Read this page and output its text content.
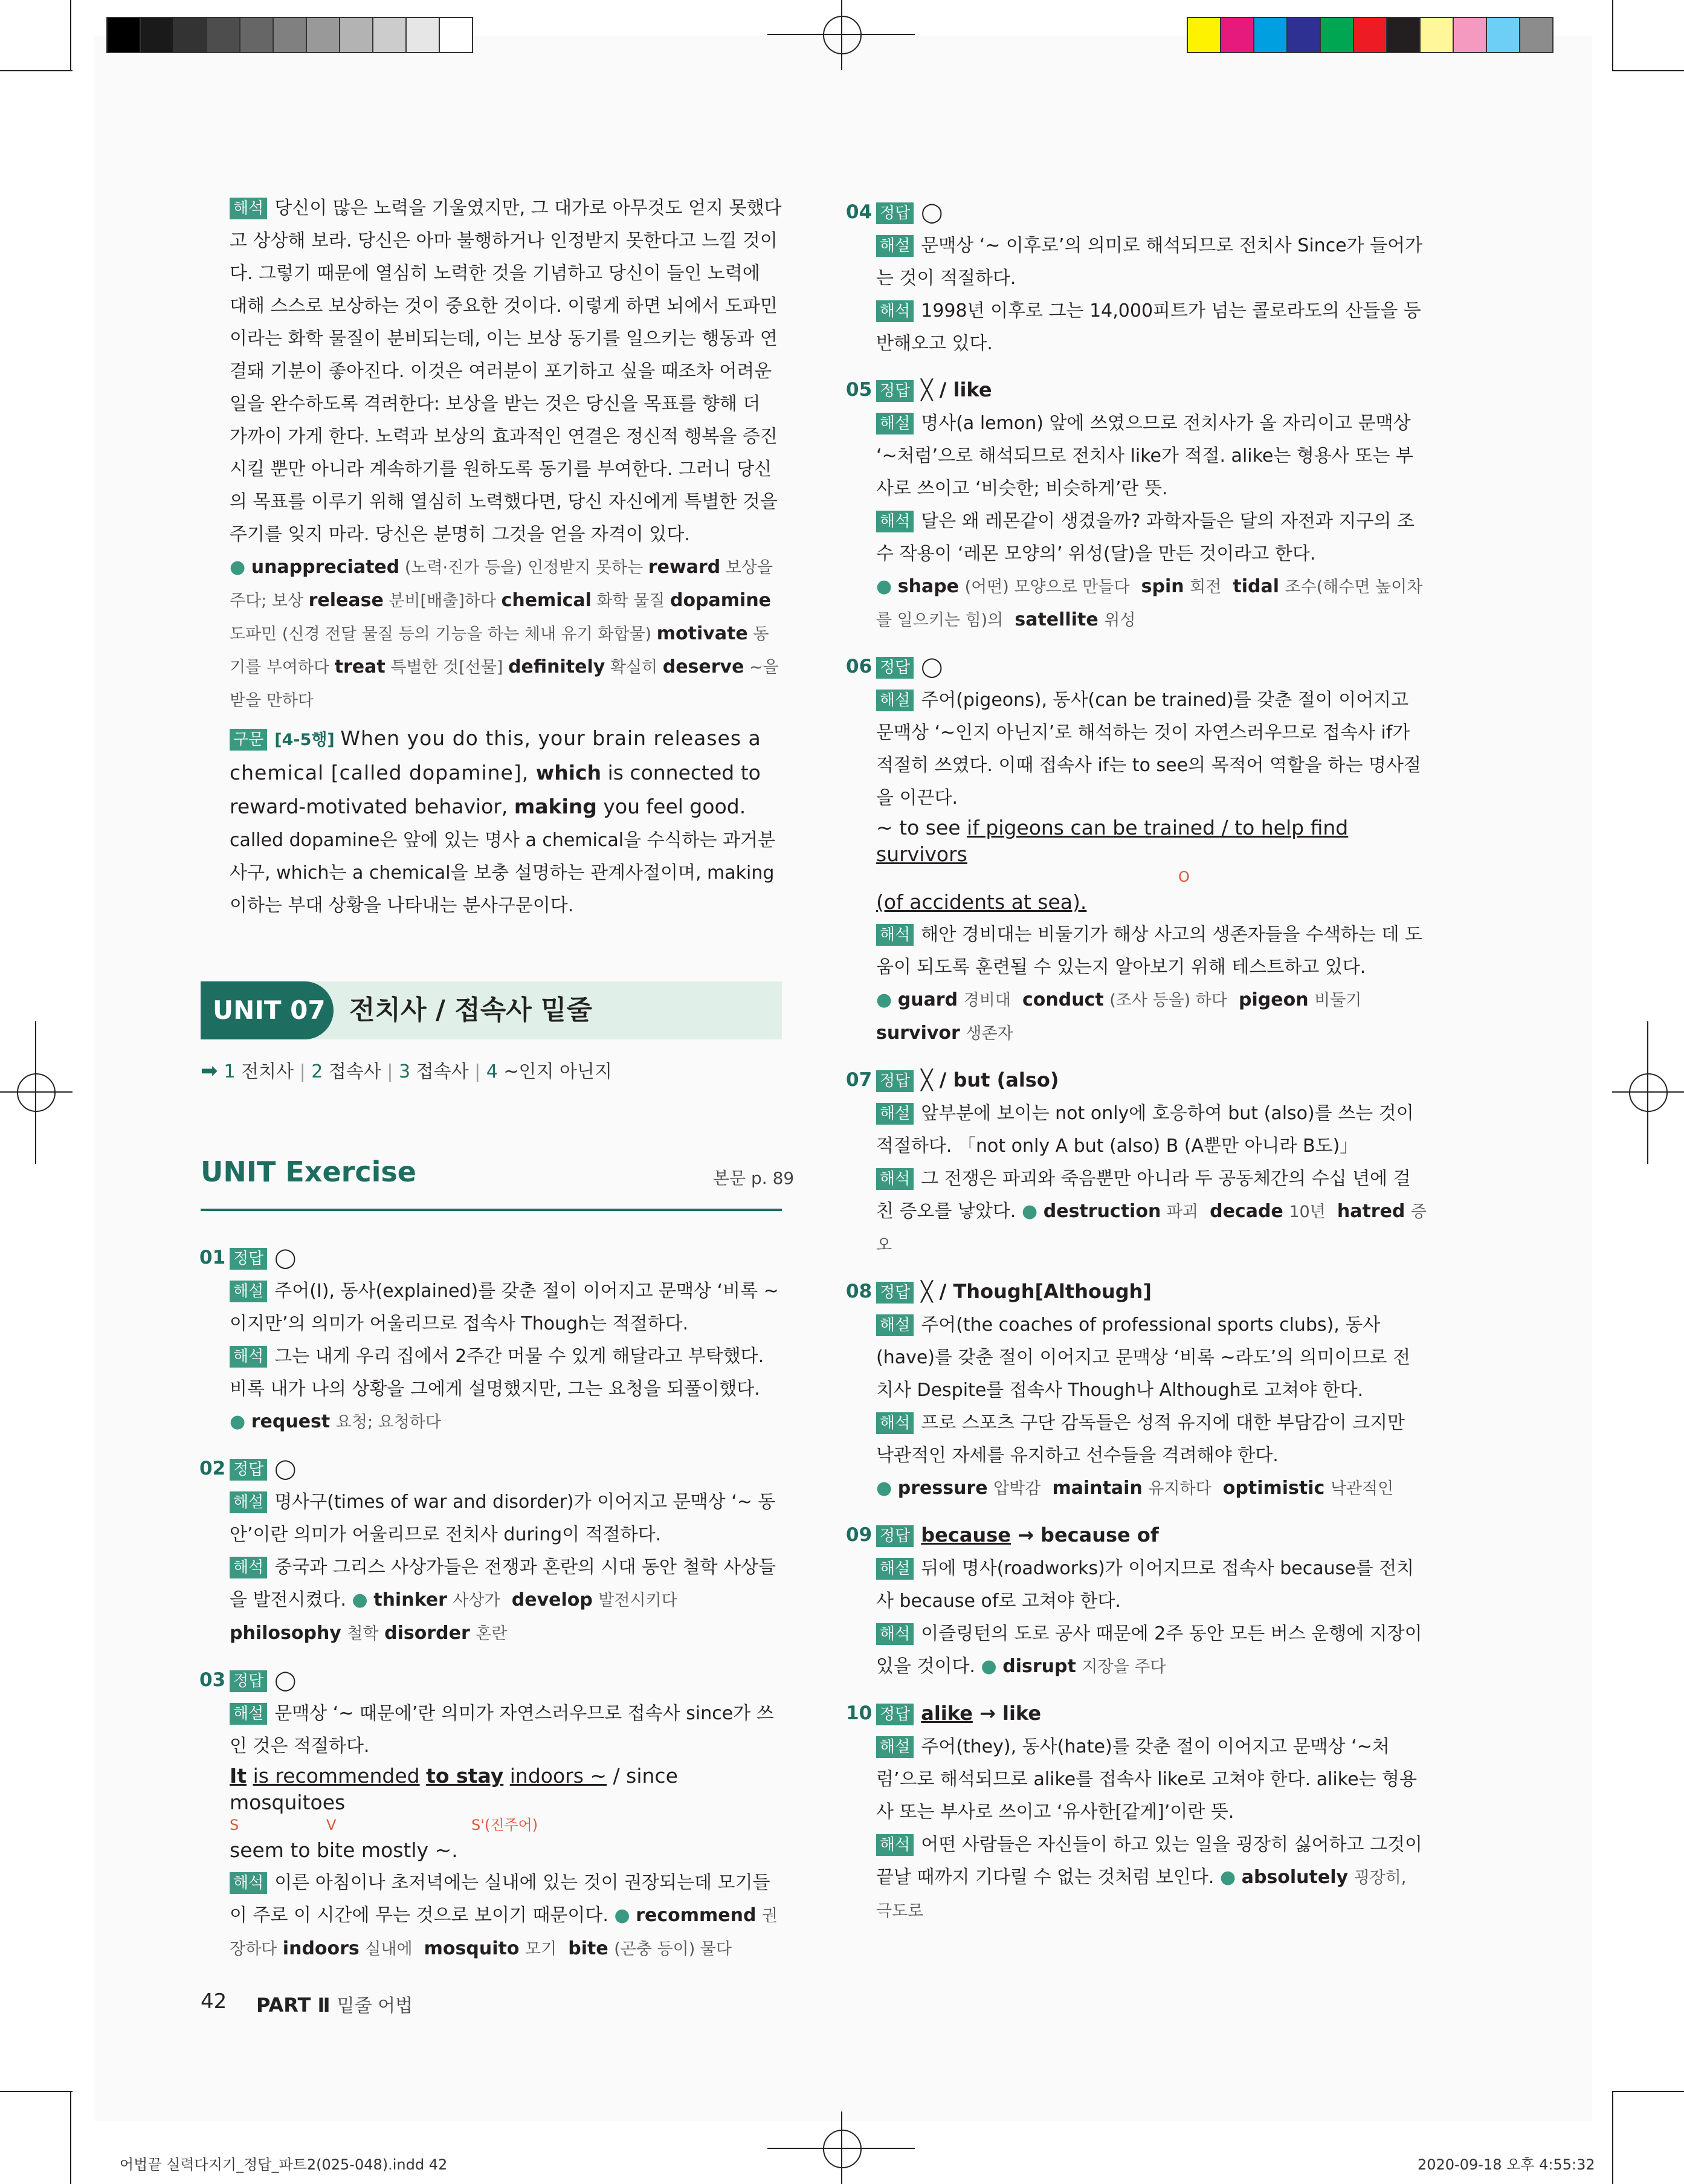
해석 당신이 많은 노력을 기울였지만, 그 대가로 아무것도 얻지 못했다고 상상해 보라. 당신은 아마 불행하거나 인정받지 못한다고 느낄 것이다. 그렇기 때문에 열심히 노력한 것을 기념하고 당신이 들인 노력에 대해 스스로 보상하는 것이 중요한 것이다. 이렇게 하면 뇌에서 도파민이라는 화학 물질이 분비되는데, 이는 보상 동기를 일으키는 행동과 연결돼 기분이 좋아진다. 이것은 여러분이 포기하고 싶을 때조차 어려운 일을 완수하도록 격려한다: 보상을 받는 것은 당신을 목표를 향해 더 가까이 가게 한다. 노력과 보상의 효과적인 연결은 정신적 행복을 증진시킬 뿐만 아니라 계속하기를 원하도록 동기를 부여한다. 그러니 당신의 목표를 이루기 위해 열심히 노력했다면, 당신 자신에게 특별한 것을 주기를 잊지 마라. 당신은 분명히 그것을 얻을 자격이 있다.

● unappreciated (노력·진가 등을) 인정받지 못하는 reward 보상을 주다; 보상 release 분비[배출]하다 chemical 화학 물질 dopamine 도파민 (신경 전달 물질 등의 기능을 하는 체내 유기 화합물) motivate 동기를 부여하다 treat 특별한 것[선물] definitely 확실히 deserve ~을 받을 만하다

구문 [4-5행] When you do this, your brain releases a chemical [called dopamine], which is connected to reward-motivated behavior, making you feel good.

called dopamine은 앞에 있는 명사 a chemical을 수식하는 과거분사구, which는 a chemical을 보충 설명하는 관계사절이며, making 이하는 부대 상황을 나타내는 분사구문이다.

UNIT 07 전치사 / 접속사 밑줄
➡ 1 전치사 | 2 접속사 | 3 접속사 | 4 ~인지 아닌지
UNIT Exercise	본문 p. 89
01 정답 ◯
해설 주어(I), 동사(explained)를 갖춘 절이 이어지고 문맥상 ‘비록 ~이지만’의 의미가 어울리므로 접속사 Though는 적절하다.
해석 그는 내게 우리 집에서 2주간 머물 수 있게 해달라고 부탁했다. 비록 내가 나의 상황을 그에게 설명했지만, 그는 요청을 되풀이했다.
● request 요청; 요청하다
02 정답 ◯
해설 명사구(times of war and disorder)가 이어지고 문맥상 ‘~ 동안’이란 의미가 어울리므로 전치사 during이 적절하다.
해석 중국과 그리스 사상가들은 전쟁과 혼란의 시대 동안 철학 사상들을 발전시켰다. ● thinker 사상가 develop 발전시키다  philosophy 철학 disorder 혼란
03 정답 ◯
해설 문맥상 ‘~ 때문에’란 의미가 자연스러우므로 접속사 since가 쓰인 것은 적절하다.
It is recommended to stay indoors ~ / since mosquitoes
S	V	S'(진주어)
seem to bite mostly ~.
해석 이른 아침이나 초저녁에는 실내에 있는 것이 권장되는데 모기들이 주로 이 시간에 무는 것으로 보이기 때문이다. ● recommend 권장하다 indoors 실내에 mosquito 모기 bite (곤충 등이) 물다
04 정답 ◯
해설 문맥상 ‘~ 이후로’의 의미로 해석되므로 전치사 Since가 들어가는 것이 적절하다.
해석 1998년 이후로 그는 14,000피트가 넘는 콜로라도의 산들을 등반해오고 있다.
05 정답 ╳ / like
해설 명사(a lemon) 앞에 쓰였으므로 전치사가 올 자리이고 문맥상 ‘~처럼’으로 해석되므로 전치사 like가 적절. alike는 형용사 또는 부사로 쓰이고 ‘비슷한; 비슷하게’란 뜻.
해석 달은 왜 레몬같이 생겼을까? 과학자들은 달의 자전과 지구의 조수 작용이 ‘레몬 모양의’ 위성(달)을 만든 것이라고 한다.
● shape (어떤) 모양으로 만들다 spin 회전 tidal 조수(해수면 높이차를 일으키는 힘)의 satellite 위성
06 정답 ◯
해설 주어(pigeons), 동사(can be trained)를 갖춘 절이 이어지고 문맥상 ‘~인지 아닌지’로 해석하는 것이 자연스러우므로 접속사 if가 적절히 쓰였다. 이때 접속사 if는 to see의 목적어 역할을 하는 명사절을 이끈다.
~ to see if pigeons can be trained / to help find survivors
O
(of accidents at sea).
해석 해안 경비대는 비둘기가 해상 사고의 생존자들을 수색하는 데 도움이 되도록 훈련될 수 있는지 알아보기 위해 테스트하고 있다.
● guard 경비대 conduct (조사 등을) 하다 pigeon 비둘기  survivor 생존자
07 정답 ╳ / but (also)
해설 앞부분에 보이는 not only에 호응하여 but (also)를 쓰는 것이 적절하다. 「not only A but (also) B (A뿐만 아니라 B도)」
해석 그 전쟁은 파괴와 죽음뿐만 아니라 두 공동체간의 수십 년에 걸친 증오를 낳았다. ● destruction 파괴 decade 10년 hatred 증오
08 정답 ╳ / Though[Although]
해설 주어(the coaches of professional sports clubs), 동사(have)를 갖춘 절이 이어지고 문맥상 ‘비록 ~라도’의 의미이므로 전치사 Despite를 접속사 Though나 Although로 고쳐야 한다.
해석 프로 스포츠 구단 감독들은 성적 유지에 대한 부담감이 크지만 낙관적인 자세를 유지하고 선수들을 격려해야 한다.
● pressure 압박감 maintain 유지하다 optimistic 낙관적인
09 정답 because → because of
해설 뒤에 명사(roadworks)가 이어지므로 접속사 because를 전치사 because of로 고쳐야 한다.
해석 이즐링턴의 도로 공사 때문에 2주 동안 모든 버스 운행에 지장이 있을 것이다. ● disrupt 지장을 주다
10 정답 alike → like
해설 주어(they), 동사(hate)를 갖춘 절이 이어지고 문맥상 ‘~처럼’으로 해석되므로 alike를 접속사 like로 고쳐야 한다. alike는 형용사 또는 부사로 쓰이고 ‘유사한[같게]’이란 뜻.
해석 어떤 사람들은 자신들이 하고 있는 일을 굉장히 싫어하고 그것이 끝날 때까지 기다릴 수 없는 것처럼 보인다. ● absolutely 굉장히, 극도로
42 PART Ⅱ 밑줄 어법
어법끝 실력다지기_정답_파트2(025-048).indd 42	2020-09-18 오후 4:55:32
